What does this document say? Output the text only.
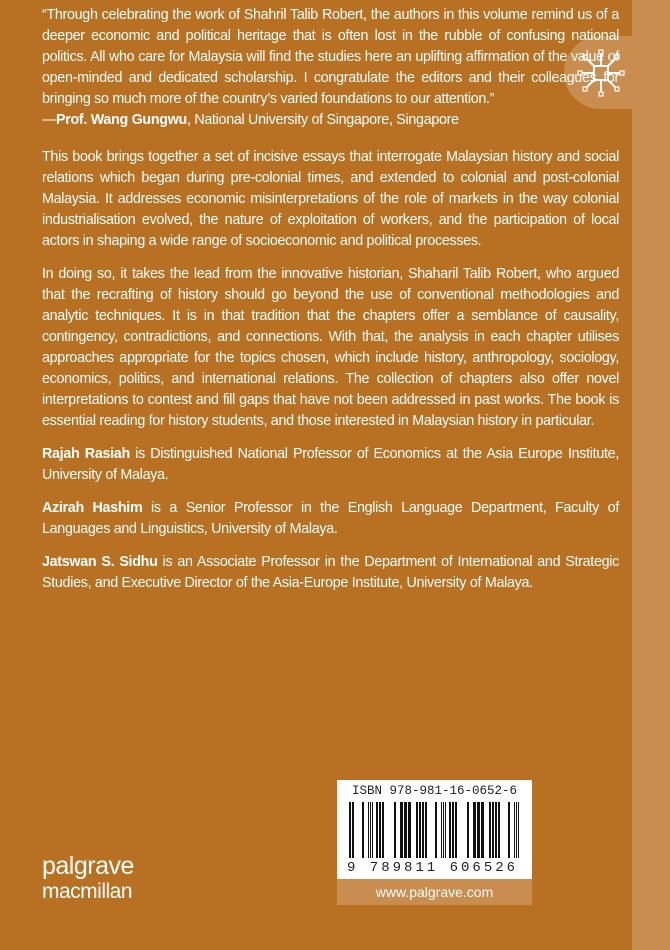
“Through celebrating the work of Shahril Talib Robert, the authors in this volume remind us of a deeper economic and political heritage that is often lost in the rubble of confusing national politics. All who care for Malaysia will find the studies here an uplifting affirmation of the value of open-minded and dedicated scholarship. I congratulate the editors and their colleagues for bringing so much more of the country’s varied foundations to our attention.”

—Prof. Wang Gungwu, National University of Singapore, Singapore

This book brings together a set of incisive essays that interrogate Malaysian history and social relations which began during pre-colonial times, and extended to colonial and post-colonial Malaysia. It addresses economic misinterpretations of the role of markets in the way colonial industrialisation evolved, the nature of exploitation of workers, and the participation of local actors in shaping a wide range of socioeconomic and political processes.

In doing so, it takes the lead from the innovative historian, Shaharil Talib Robert, who argued that the recrafting of history should go beyond the use of conventional methodologies and analytic techniques. It is in that tradition that the chapters offer a semblance of causality, contingency, contradictions, and connections. With that, the analysis in each chapter utilises approaches appropriate for the topics chosen, which include history, anthropology, sociology, economics, politics, and international relations. The collection of chapters also offer novel interpretations to contest and fill gaps that have not been addressed in past works. The book is essential reading for history students, and those interested in Malaysian history in particular.

Rajah Rasiah is Distinguished National Professor of Economics at the Asia Europe Institute, University of Malaya.

Azirah Hashim is a Senior Professor in the English Language Department, Faculty of Languages and Linguistics, University of Malaya.

Jatswan S. Sidhu is an Associate Professor in the Department of International and Strategic Studies, and Executive Director of the Asia-Europe Institute, University of Malaya.

ISBN 978-981-16-0652-6
9 789811 606526
www.palgrave.com
palgrave
macmillan
